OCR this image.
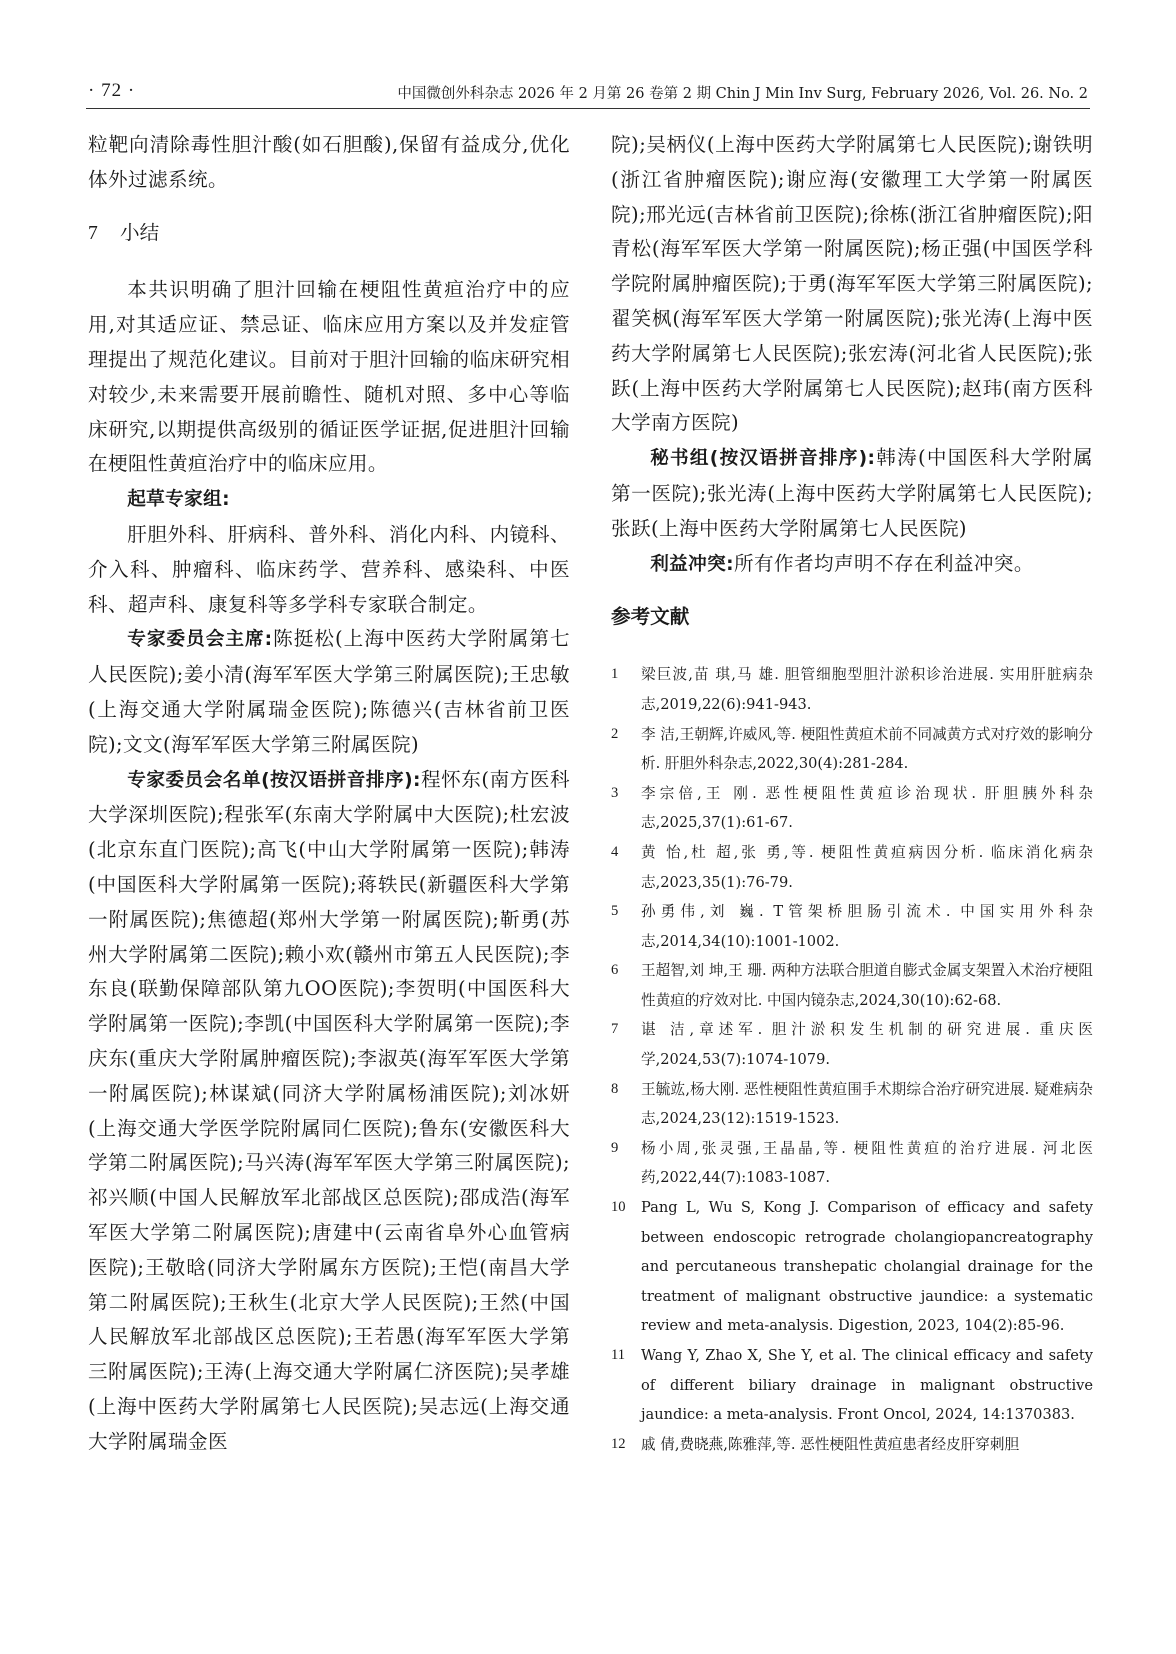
· 72 ·	中国微创外科杂志 2026 年 2 月第 26 卷第 2 期 Chin J Min Inv Surg, February 2026, Vol. 26. No. 2

粒靶向清除毒性胆汁酸(如石胆酸),保留有益成分,优化体外过滤系统。

7 小结

本共识明确了胆汁回输在梗阻性黄疸治疗中的应用,对其适应证、禁忌证、临床应用方案以及并发症管理提出了规范化建议。目前对于胆汁回输的临床研究相对较少,未来需要开展前瞻性、随机对照、多中心等临床研究,以期提供高级别的循证医学证据,促进胆汁回输在梗阻性黄疸治疗中的临床应用。

起草专家组:

肝胆外科、肝病科、普外科、消化内科、内镜科、介入科、肿瘤科、临床药学、营养科、感染科、中医科、超声科、康复科等多学科专家联合制定。

专家委员会主席:陈挺松(上海中医药大学附属第七人民医院);姜小清(海军军医大学第三附属医院);王忠敏(上海交通大学附属瑞金医院);陈德兴(吉林省前卫医院);文文(海军军医大学第三附属医院)

专家委员会名单(按汉语拼音排序):程怀东(南方医科大学深圳医院);程张军(东南大学附属中大医院);杜宏波(北京东直门医院);高飞(中山大学附属第一医院);韩涛(中国医科大学附属第一医院);蒋轶民(新疆医科大学第一附属医院);焦德超(郑州大学第一附属医院);靳勇(苏州大学附属第二医院);赖小欢(赣州市第五人民医院);李东良(联勤保障部队第九OO医院);李贺明(中国医科大学附属第一医院);李凯(中国医科大学附属第一医院);李庆东(重庆大学附属肿瘤医院);李淑英(海军军医大学第一附属医院);林谋斌(同济大学附属杨浦医院);刘冰妍(上海交通大学医学院附属同仁医院);鲁东(安徽医科大学第二附属医院);马兴涛(海军军医大学第三附属医院);祁兴顺(中国人民解放军北部战区总医院);邵成浩(海军军医大学第二附属医院);唐建中(云南省阜外心血管病医院);王敬晗(同济大学附属东方医院);王恺(南昌大学第二附属医院);王秋生(北京大学人民医院);王然(中国人民解放军北部战区总医院);王若愚(海军军医大学第三附属医院);王涛(上海交通大学附属仁济医院);吴孝雄(上海中医药大学附属第七人民医院);吴志远(上海交通大学附属瑞金医

院);吴柄仪(上海中医药大学附属第七人民医院);谢铁明(浙江省肿瘤医院);谢应海(安徽理工大学第一附属医院);邢光远(吉林省前卫医院);徐栋(浙江省肿瘤医院);阳青松(海军军医大学第一附属医院);杨正强(中国医学科学院附属肿瘤医院);于勇(海军军医大学第三附属医院);翟笑枫(海军军医大学第一附属医院);张光涛(上海中医药大学附属第七人民医院);张宏涛(河北省人民医院);张跃(上海中医药大学附属第七人民医院);赵玮(南方医科大学南方医院)

秘书组(按汉语拼音排序):韩涛(中国医科大学附属第一医院);张光涛(上海中医药大学附属第七人民医院);张跃(上海中医药大学附属第七人民医院)

利益冲突:所有作者均声明不存在利益冲突。

参考文献
1 梁巨波,苗 琪,马 雄. 胆管细胞型胆汁淤积诊治进展. 实用肝脏病杂志,2019,22(6):941-943.
2 李 洁,王朝辉,许威风,等. 梗阻性黄疸术前不同减黄方式对疗效的影响分析. 肝胆外科杂志,2022,30(4):281-284.
3 李宗倍,王 刚. 恶性梗阻性黄疸诊治现状. 肝胆胰外科杂志,2025,37(1):61-67.
4 黄 怡,杜 超,张 勇,等. 梗阻性黄疸病因分析. 临床消化病杂志,2023,35(1):76-79.
5 孙勇伟,刘 巍. T管架桥胆肠引流术. 中国实用外科杂志,2014,34(10):1001-1002.
6 王超智,刘 坤,王 珊. 两种方法联合胆道自膨式金属支架置入术治疗梗阻性黄疸的疗效对比. 中国内镜杂志,2024,30(10):62-68.
7 谌 洁,章述军. 胆汁淤积发生机制的研究进展. 重庆医学,2024,53(7):1074-1079.
8 王毓竑,杨大刚. 恶性梗阻性黄疸围手术期综合治疗研究进展. 疑难病杂志,2024,23(12):1519-1523.
9 杨小周,张灵强,王晶晶,等. 梗阻性黄疸的治疗进展. 河北医药,2022,44(7):1083-1087.
10 Pang L, Wu S, Kong J. Comparison of efficacy and safety between endoscopic retrograde cholangiopancreatography and percutaneous transhepatic cholangial drainage for the treatment of malignant obstructive jaundice: a systematic review and meta-analysis. Digestion, 2023, 104(2):85-96.
11 Wang Y, Zhao X, She Y, et al. The clinical efficacy and safety of different biliary drainage in malignant obstructive jaundice: a meta-analysis. Front Oncol, 2024, 14:1370383.
12 戚 倩,费晓燕,陈雅萍,等. 恶性梗阻性黄疸患者经皮肝穿刺胆
